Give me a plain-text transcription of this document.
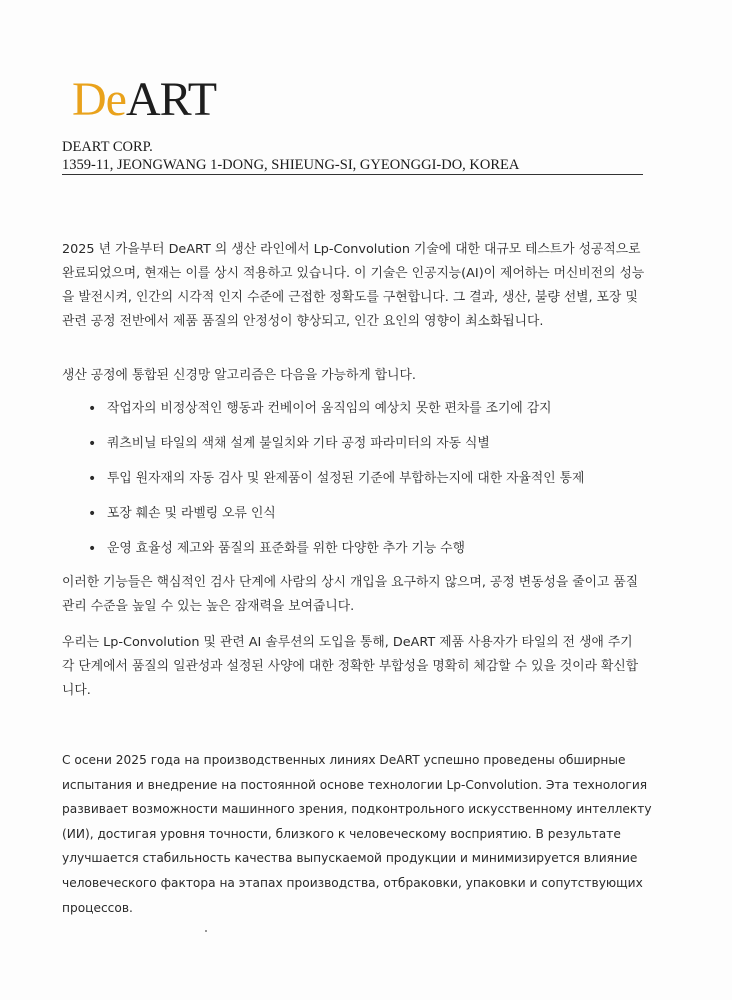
DeART
DEART CORP.
1359-11, JEONGWANG 1-DONG, SHIEUNG-SI, GYEONGGI-DO, KOREA

2025 년 가을부터 DeART 의 생산 라인에서 Lp-Convolution 기술에 대한 대규모 테스트가 성공적으로 완료되었으며, 현재는 이를 상시 적용하고 있습니다. 이 기술은 인공지능(AI)이 제어하는 머신비전의 성능을 발전시켜, 인간의 시각적 인지 수준에 근접한 정확도를 구현합니다. 그 결과, 생산, 불량 선별, 포장 및 관련 공정 전반에서 제품 품질의 안정성이 향상되고, 인간 요인의 영향이 최소화됩니다.

생산 공정에 통합된 신경망 알고리즘은 다음을 가능하게 합니다.

• 작업자의 비정상적인 행동과 컨베이어 움직임의 예상치 못한 편차를 조기에 감지
• 쿼츠비닐 타일의 색채 설계 불일치와 기타 공정 파라미터의 자동 식별
• 투입 원자재의 자동 검사 및 완제품이 설정된 기준에 부합하는지에 대한 자율적인 통제
• 포장 훼손 및 라벨링 오류 인식
• 운영 효율성 제고와 품질의 표준화를 위한 다양한 추가 기능 수행

이러한 기능들은 핵심적인 검사 단계에 사람의 상시 개입을 요구하지 않으며, 공정 변동성을 줄이고 품질 관리 수준을 높일 수 있는 높은 잠재력을 보여줍니다.

우리는 Lp-Convolution 및 관련 AI 솔루션의 도입을 통해, DeART 제품 사용자가 타일의 전 생애 주기 각 단계에서 품질의 일관성과 설정된 사양에 대한 정확한 부합성을 명확히 체감할 수 있을 것이라 확신합니다.

С осени 2025 года на производственных линиях DeART успешно проведены обширные испытания и внедрение на постоянной основе технологии Lp-Convolution. Эта технология развивает возможности машинного зрения, подконтрольного искусственному интеллекту (ИИ), достигая уровня точности, близкого к человеческому восприятию. В результате улучшается стабильность качества выпускаемой продукции и минимизируется влияние человеческого фактора на этапах производства, отбраковки, упаковки и сопутствующих процессов.
